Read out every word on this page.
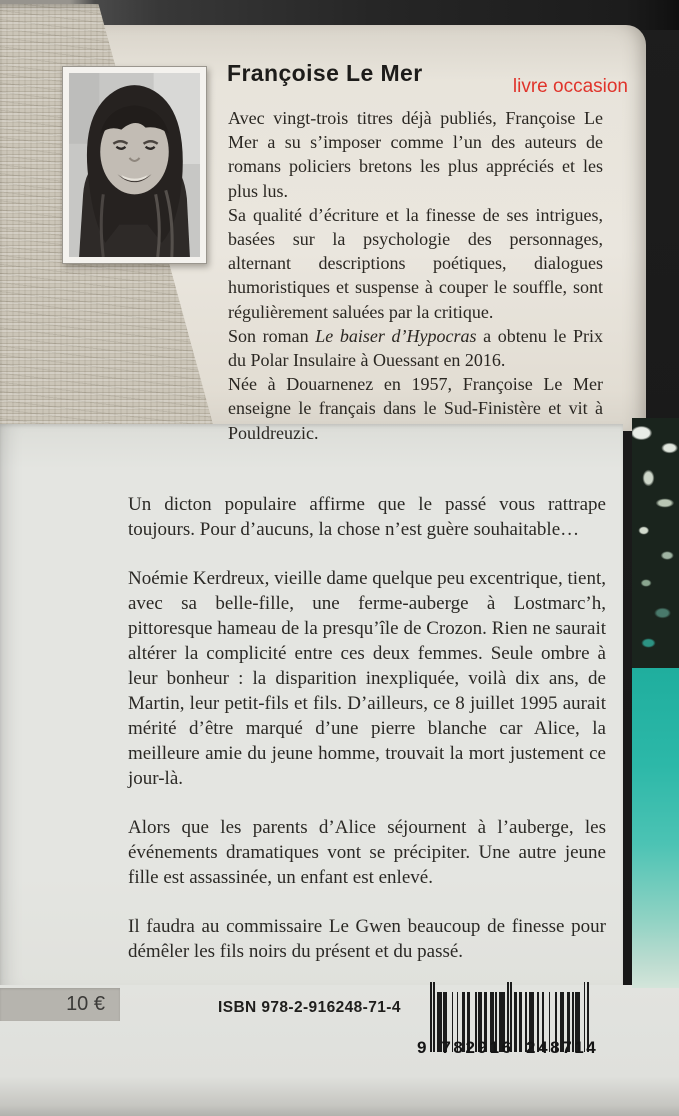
Françoise Le Mer
livre occasion

Avec vingt-trois titres déjà publiés, Françoise Le Mer a su s’imposer comme l’un des auteurs de romans policiers bretons les plus appréciés et les plus lus.

Sa qualité d’écriture et la finesse de ses intrigues, basées sur la psychologie des personnages, alternant descriptions poétiques, dialogues humoristiques et suspense à couper le souffle, sont régulièrement saluées par la critique.

Son roman Le baiser d’Hypocras a obtenu le Prix du Polar Insulaire à Ouessant en 2016.

Née à Douarnenez en 1957, Françoise Le Mer enseigne le français dans le Sud-Finistère et vit à Pouldreuzic.

Un dicton populaire affirme que le passé vous rattrape toujours. Pour d’aucuns, la chose n’est guère souhaitable…

Noémie Kerdreux, vieille dame quelque peu excentrique, tient, avec sa belle-fille, une ferme-auberge à Lostmarc’h, pittoresque hameau de la presqu’île de Crozon. Rien ne saurait altérer la complicité entre ces deux femmes. Seule ombre à leur bonheur : la disparition inexpliquée, voilà dix ans, de Martin, leur petit-fils et fils. D’ailleurs, ce 8 juillet 1995 aurait mérité d’être marqué d’une pierre blanche car Alice, la meilleure amie du jeune homme, trouvait la mort justement ce jour-là.

Alors que les parents d’Alice séjournent à l’auberge, les événements dramatiques vont se précipiter. Une autre jeune fille est assassinée, un enfant est enlevé.

Il faudra au commissaire Le Gwen beaucoup de finesse pour démêler les fils noirs du présent et du passé.

10 €	ISBN 978-2-916248-71-4
9 782916 248714
